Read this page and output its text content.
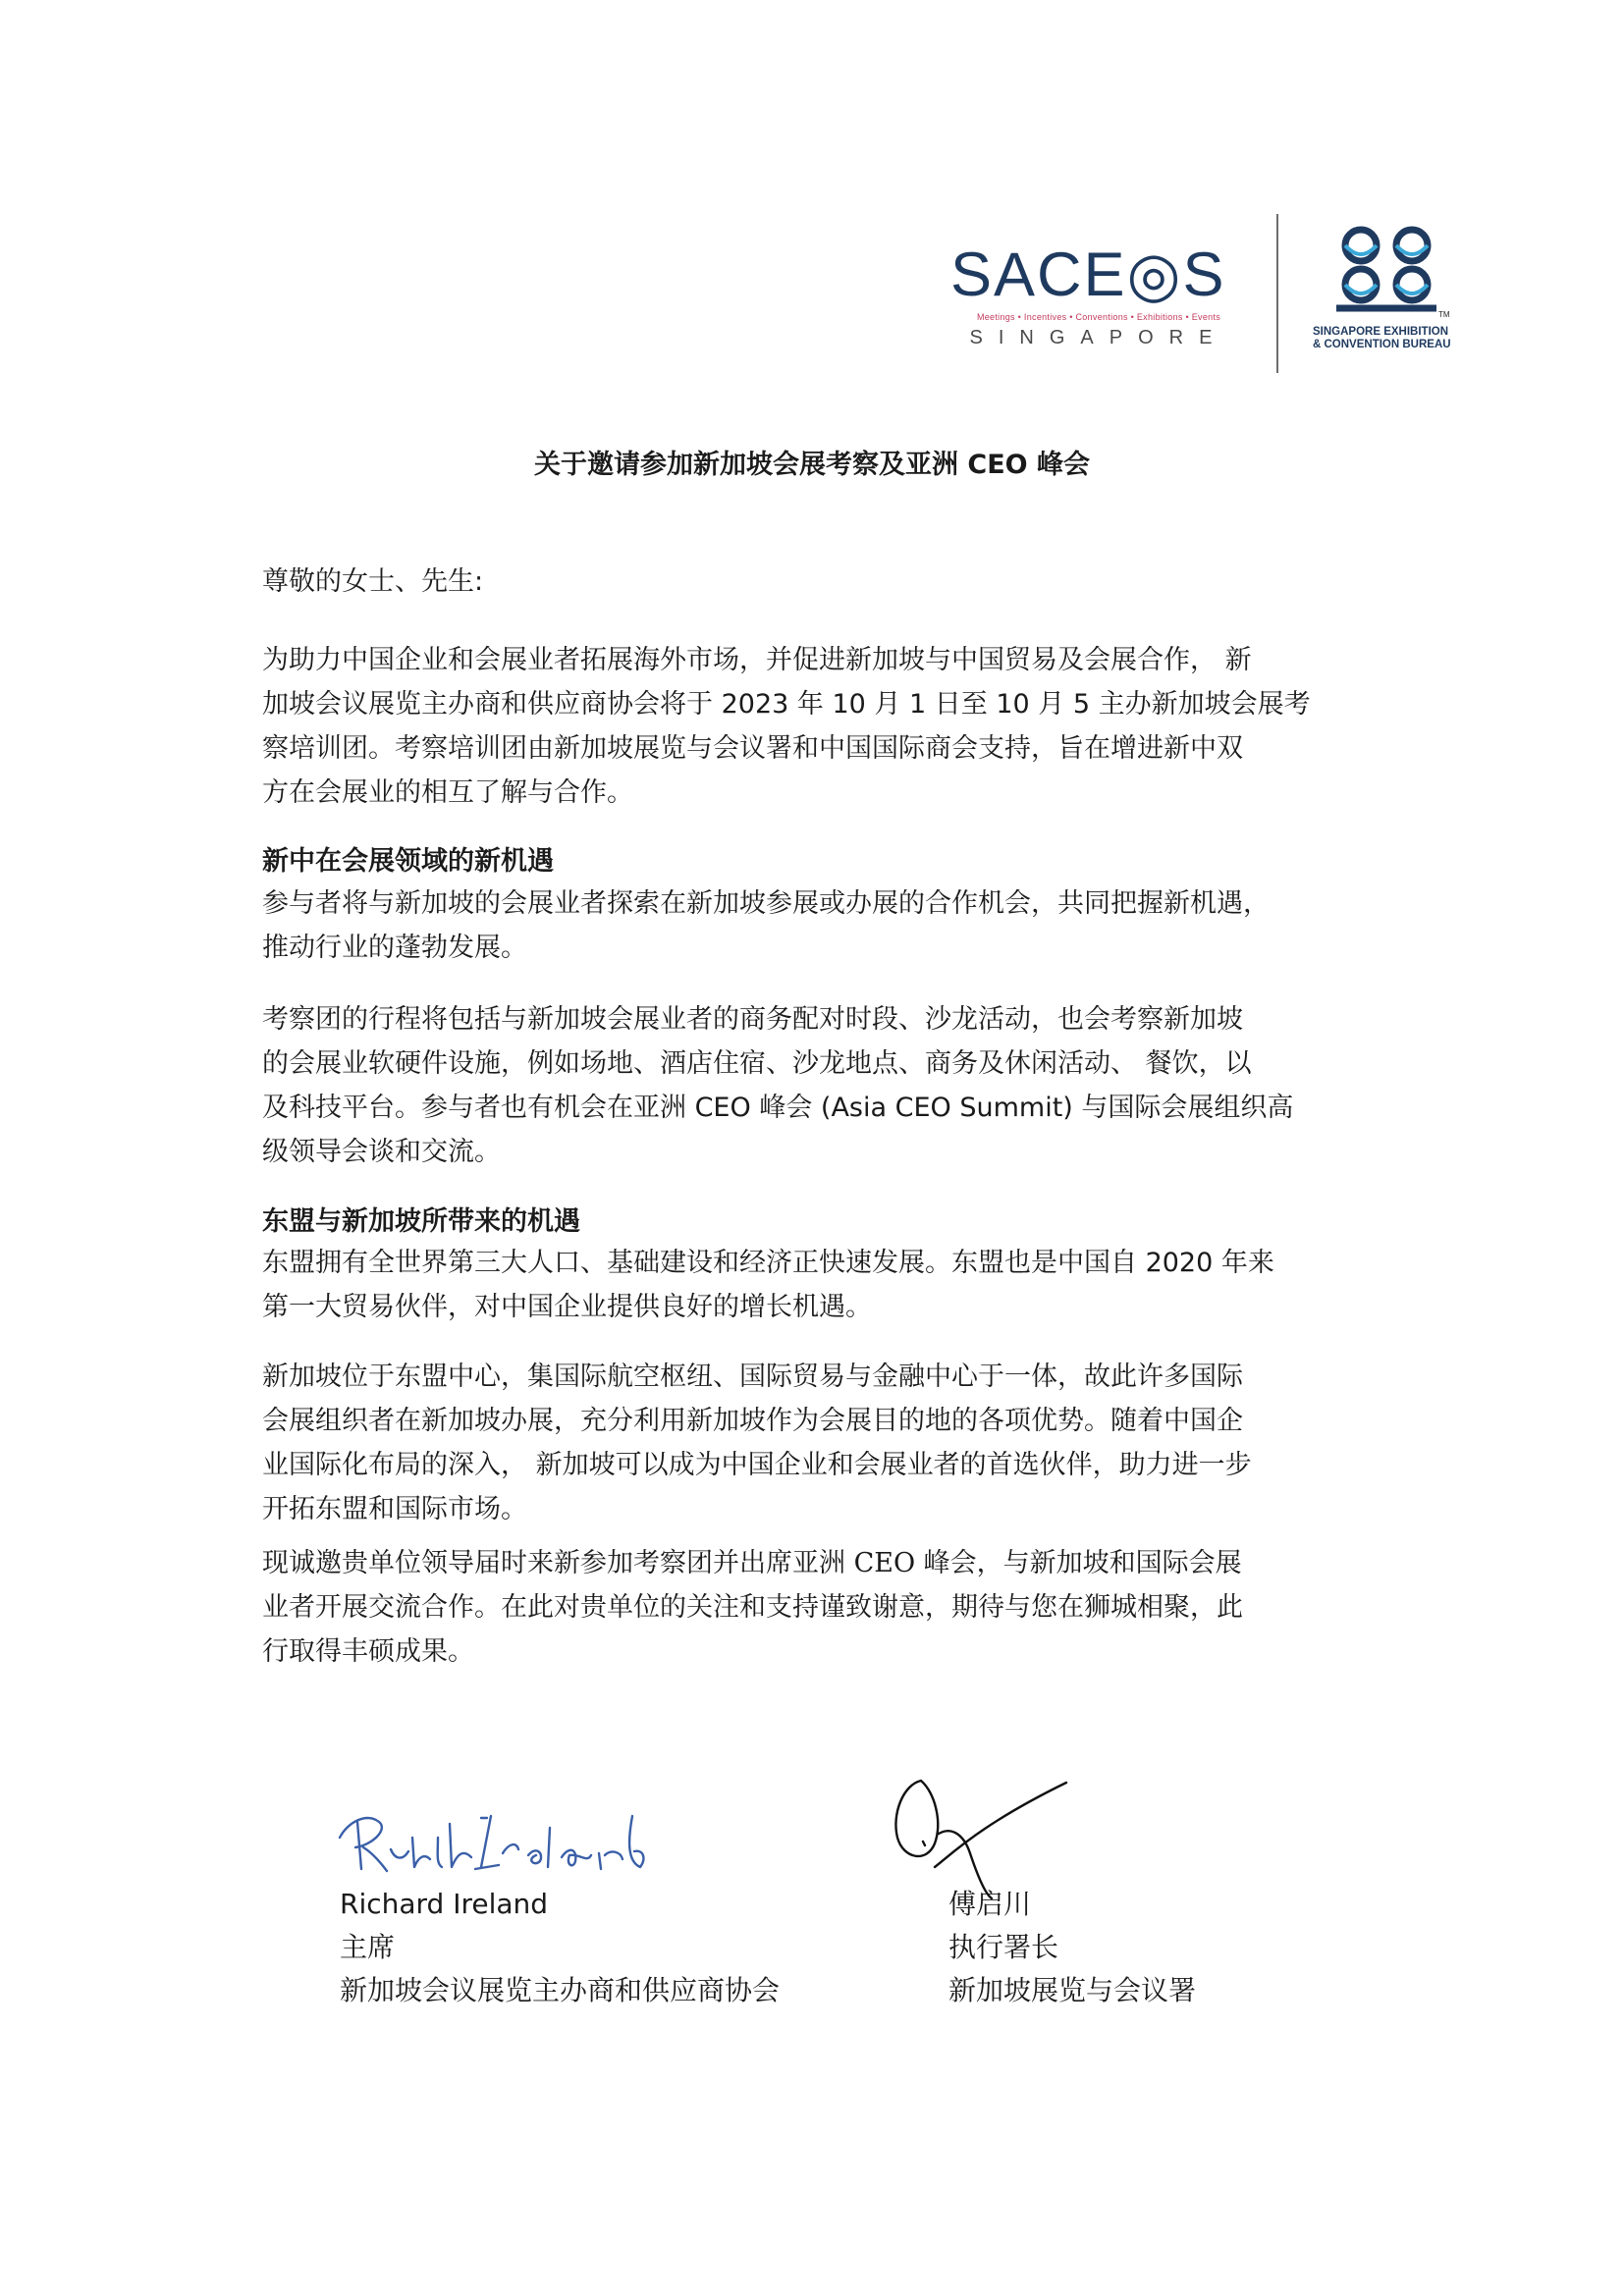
SACE◎S
Meetings • Incentives • Conventions • Exhibitions • Events
SINGAPORE
TM
SINGAPORE EXHIBITION
& CONVENTION BUREAU
关于邀请参加新加坡会展考察及亚洲 CEO 峰会
尊敬的女士、先生:
为助力中国企业和会展业者拓展海外市场，并促进新加坡与中国贸易及会展合作， 新
加坡会议展览主办商和供应商协会将于 2023 年 10 月 1 日至 10 月 5 主办新加坡会展考
察培训团。考察培训团由新加坡展览与会议署和中国国际商会支持，旨在增进新中双
方在会展业的相互了解与合作。
新中在会展领域的新机遇
参与者将与新加坡的会展业者探索在新加坡参展或办展的合作机会，共同把握新机遇，
推动行业的蓬勃发展。
考察团的行程将包括与新加坡会展业者的商务配对时段、沙龙活动，也会考察新加坡
的会展业软硬件设施，例如场地、酒店住宿、沙龙地点、商务及休闲活动、 餐饮，以
及科技平台。参与者也有机会在亚洲 CEO 峰会 (Asia CEO Summit) 与国际会展组织高
级领导会谈和交流。
东盟与新加坡所带来的机遇
东盟拥有全世界第三大人口、基础建设和经济正快速发展。东盟也是中国自 2020 年来
第一大贸易伙伴，对中国企业提供良好的增长机遇。
新加坡位于东盟中心，集国际航空枢纽、国际贸易与金融中心于一体，故此许多国际
会展组织者在新加坡办展，充分利用新加坡作为会展目的地的各项优势。随着中国企
业国际化布局的深入， 新加坡可以成为中国企业和会展业者的首选伙伴，助力进一步
开拓东盟和国际市场。
现诚邀贵单位领导届时来新参加考察团并出席亚洲 CEO 峰会，与新加坡和国际会展
业者开展交流合作。在此对贵单位的关注和支持谨致谢意，期待与您在狮城相聚，此
行取得丰硕成果。
Richard Ireland
主席
新加坡会议展览主办商和供应商协会
傅启川
执行署长
新加坡展览与会议署
